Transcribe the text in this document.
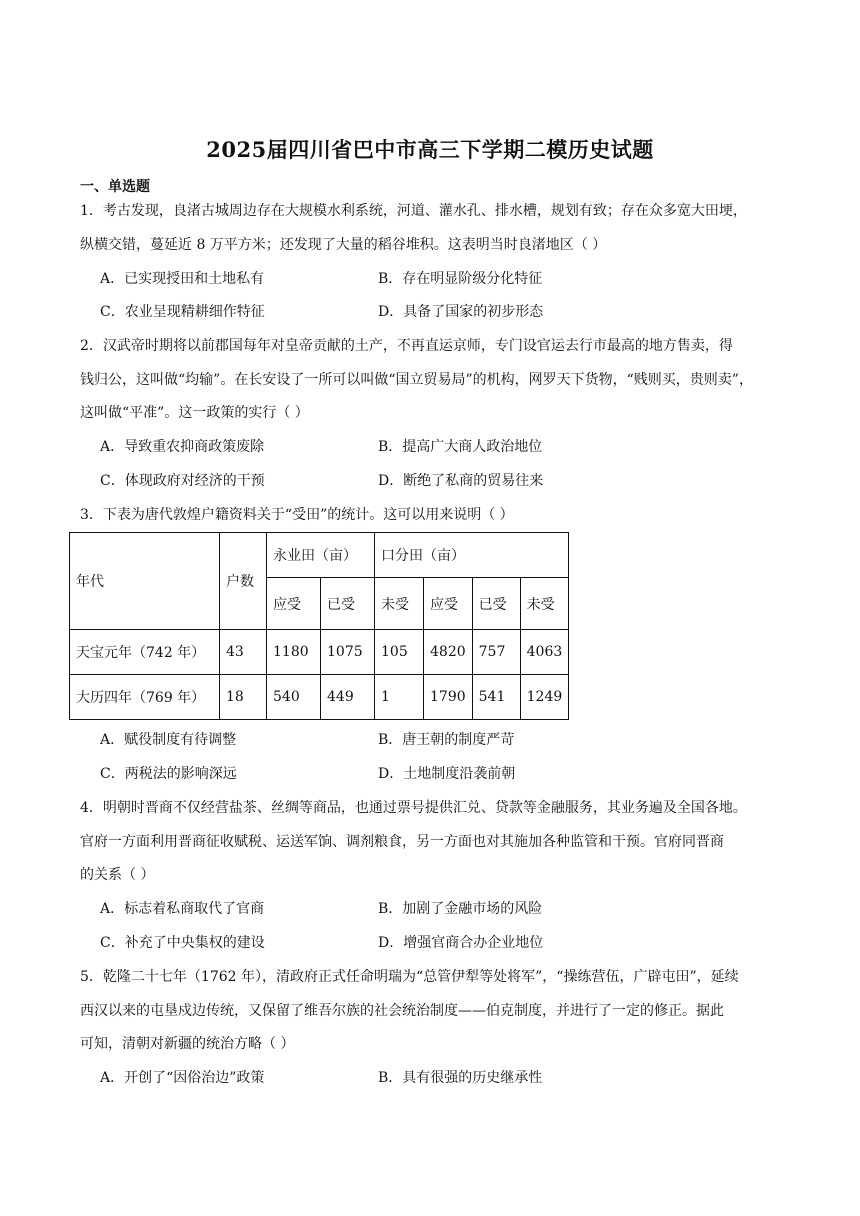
2025届四川省巴中市高三下学期二模历史试题
一、单选题
1．考古发现，良渚古城周边存在大规模水利系统，河道、灌水孔、排水槽，规划有致；存在众多宽大田埂，
纵横交错，蔓延近 8 万平方米；还发现了大量的稻谷堆积。这表明当时良渚地区（ ）
A．已实现授田和土地私有	B．存在明显阶级分化特征
C．农业呈现精耕细作特征	D．具备了国家的初步形态
2．汉武帝时期将以前郡国每年对皇帝贡献的土产，不再直运京师，专门设官运去行市最高的地方售卖，得
钱归公，这叫做“均输”。在长安设了一所可以叫做“国立贸易局”的机构，网罗天下货物，“贱则买，贵则卖”，
这叫做“平准”。这一政策的实行（ ）
A．导致重农抑商政策废除	B．提高广大商人政治地位
C．体现政府对经济的干预	D．断绝了私商的贸易往来
3．下表为唐代敦煌户籍资料关于“受田”的统计。这可以用来说明（ ）
年代	户数	永业田（亩）		口分田（亩）			
		应受	已受	未受	应受	已受	未受
天宝元年（742 年）	43	1180	1075	105	4820	757	4063
大历四年（769 年）	18	540	449	1	1790	541	1249
A．赋役制度有待调整	B．唐王朝的制度严苛
C．两税法的影响深远	D．土地制度沿袭前朝
4．明朝时晋商不仅经营盐茶、丝绸等商品，也通过票号提供汇兑、贷款等金融服务，其业务遍及全国各地。
官府一方面利用晋商征收赋税、运送军饷、调剂粮食，另一方面也对其施加各种监管和干预。官府同晋商
的关系（ ）
A．标志着私商取代了官商	B．加剧了金融市场的风险
C．补充了中央集权的建设	D．增强官商合办企业地位
5．乾隆二十七年（1762 年），清政府正式任命明瑞为“总管伊犁等处将军”，“操练营伍，广辟屯田”，延续
西汉以来的屯垦戍边传统，又保留了维吾尔族的社会统治制度——伯克制度，并进行了一定的修正。据此
可知，清朝对新疆的统治方略（ ）
A．开创了“因俗治边”政策	B．具有很强的历史继承性
